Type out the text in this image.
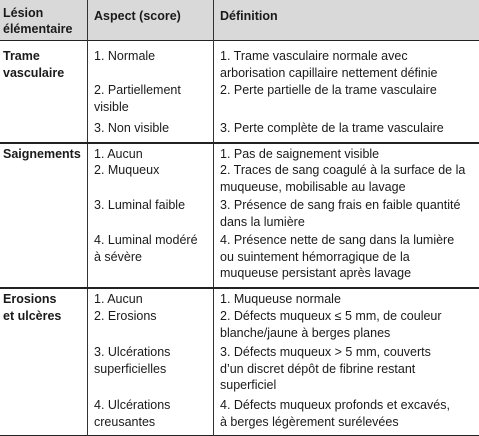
Lésion
élémentaire
Aspect (score)	Définition
Trame
vasculaire
1. Normale
2. Partiellement
visible
3. Non visible
1. Trame vasculaire normale avec
arborisation capillaire nettement définie
2. Perte partielle de la trame vasculaire
3. Perte complète de la trame vasculaire
Saignements 1. Aucun
2. Muqueux
3. Luminal faible
4. Luminal modéré
à sévère
1. Pas de saignement visible
2. Traces de sang coagulé à la surface de la
muqueuse, mobilisable au lavage
3. Présence de sang frais en faible quantité
dans la lumière
4. Présence nette de sang dans la lumière
ou suintement hémorragique de la
muqueuse persistant après lavage
Erosions
et ulcères
1. Aucun
2. Erosions
3. Ulcérations
superficielles
4. Ulcérations
creusantes
1. Muqueuse normale
2. Défects muqueux ≤ 5 mm, de couleur
blanche/jaune à berges planes
3. Défects muqueux > 5 mm, couverts
d’un discret dépôt de fibrine restant
superficiel
4. Défects muqueux profonds et excavés,
à berges légèrement surélevées
